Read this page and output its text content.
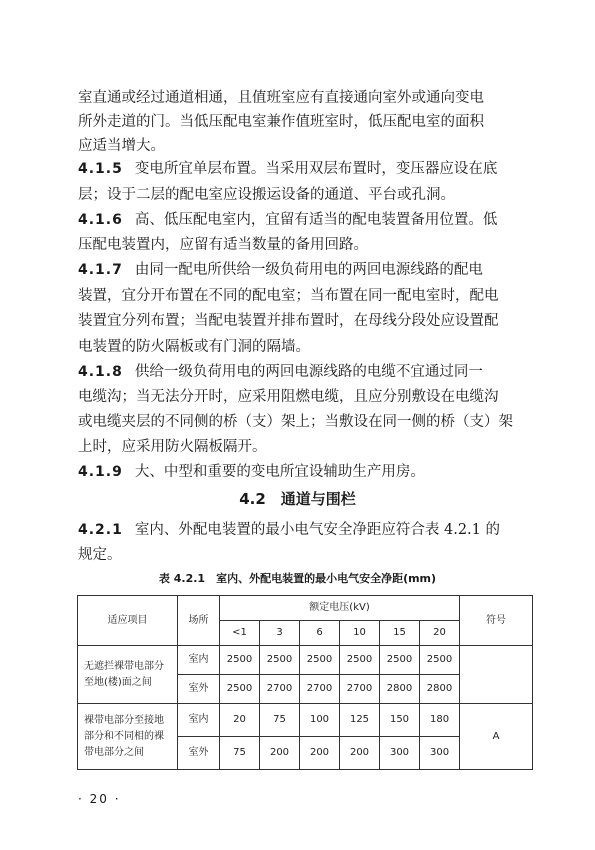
室直通或经过通道相通，且值班室应有直接通向室外或通向变电
所外走道的门。当低压配电室兼作值班室时，低压配电室的面积
应适当增大。
4.1.5 变电所宜单层布置。当采用双层布置时，变压器应设在底
层；设于二层的配电室应设搬运设备的通道、平台或孔洞。
4.1.6 高、低压配电室内，宜留有适当的配电装置备用位置。低
压配电装置内，应留有适当数量的备用回路。
4.1.7 由同一配电所供给一级负荷用电的两回电源线路的配电
装置，宜分开布置在不同的配电室；当布置在同一配电室时，配电
装置宜分列布置；当配电装置并排布置时，在母线分段处应设置配
电装置的防火隔板或有门洞的隔墙。
4.1.8 供给一级负荷用电的两回电源线路的电缆不宜通过同一
电缆沟；当无法分开时，应采用阻燃电缆，且应分别敷设在电缆沟
或电缆夹层的不同侧的桥（支）架上；当敷设在同一侧的桥（支）架
上时，应采用防火隔板隔开。
4.1.9 大、中型和重要的变电所宜设辅助生产用房。
4.2　通道与围栏
4.2.1 室内、外配电装置的最小电气安全净距应符合表 4.2.1 的
规定。
表 4.2.1　室内、外配电装置的最小电气安全净距(mm)
适应项目	场所	额定电压(kV)						符号

		<1	3	6	10	15	20	

无遮拦裸带电部分至地(楼)面之间	室内	2500	2500	2500	2500	2500	2500	

	室外	2500	2700	2700	2700	2800	2800	

裸带电部分至接地部分和不同相的裸带电部分之间	室内	20	75	100	125	150	180	A

	室外	75	200	200	200	300	300	
· 20 ·
